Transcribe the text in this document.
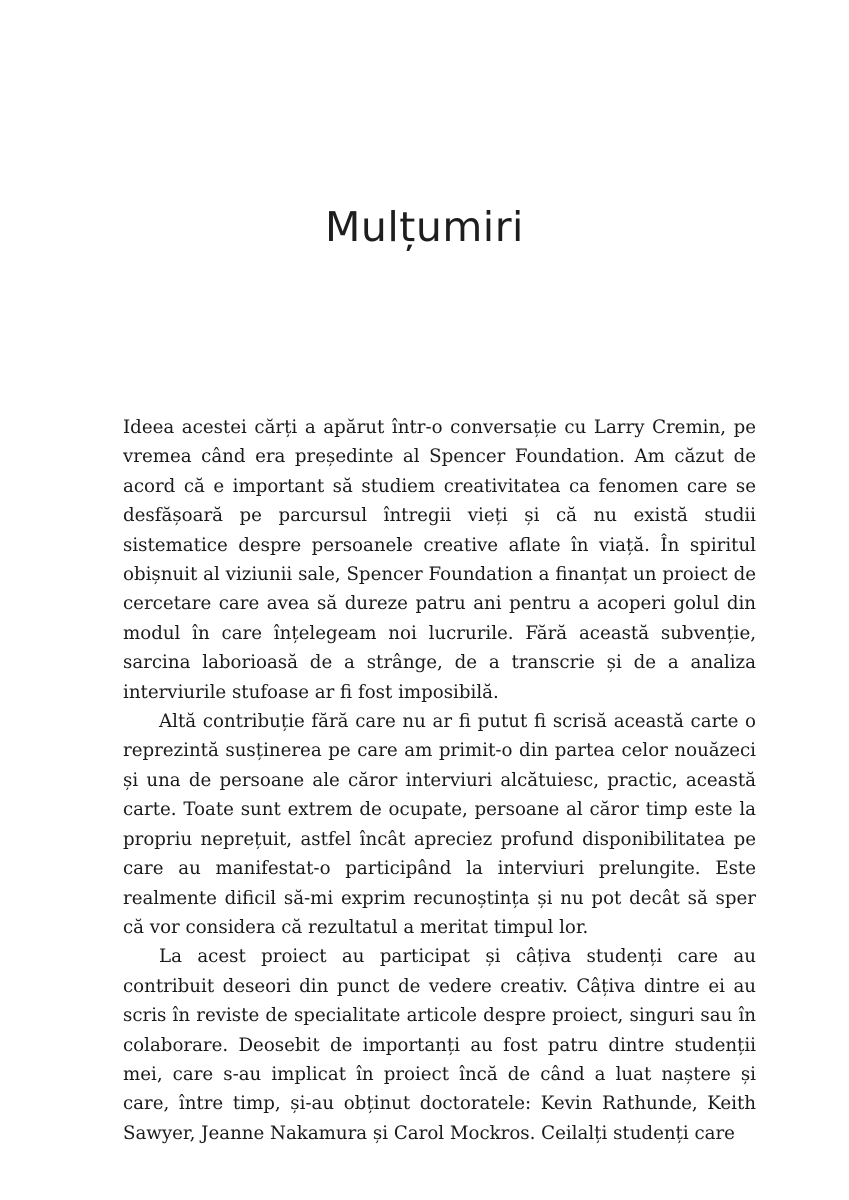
Mulțumiri

Ideea acestei cărți a apărut într-o conversație cu Larry Cremin, pe vremea când era președinte al Spencer Foundation. Am căzut de acord că e important să studiem creativitatea ca fenomen care se desfășoară pe parcursul întregii vieți și că nu există studii sistematice despre persoanele creative aflate în viață. În spiritul obișnuit al viziunii sale, Spencer Foundation a finanțat un proiect de cercetare care avea să dureze patru ani pentru a acoperi golul din modul în care înțelegeam noi lucrurile. Fără această subvenție, sarcina laborioasă de a strânge, de a transcrie și de a analiza interviurile stufoase ar fi fost imposibilă.

Altă contribuție fără care nu ar fi putut fi scrisă această carte o reprezintă susținerea pe care am primit-o din partea celor nouăzeci și una de persoane ale căror interviuri alcătuiesc, practic, această carte. Toate sunt extrem de ocupate, persoane al căror timp este la propriu neprețuit, astfel încât apreciez profund disponibilitatea pe care au manifestat-o participând la interviuri prelungite. Este realmente dificil să-mi exprim recunoștința și nu pot decât să sper că vor considera că rezultatul a meritat timpul lor.

La acest proiect au participat și câțiva studenți care au contribuit deseori din punct de vedere creativ. Câțiva dintre ei au scris în reviste de specialitate articole despre proiect, singuri sau în colaborare. Deosebit de importanți au fost patru dintre studenții mei, care s-au implicat în proiect încă de când a luat naștere și care, între timp, și-au obținut doctoratele: Kevin Rathunde, Keith Sawyer, Jeanne Nakamura și Carol Mockros. Ceilalți studenți care
